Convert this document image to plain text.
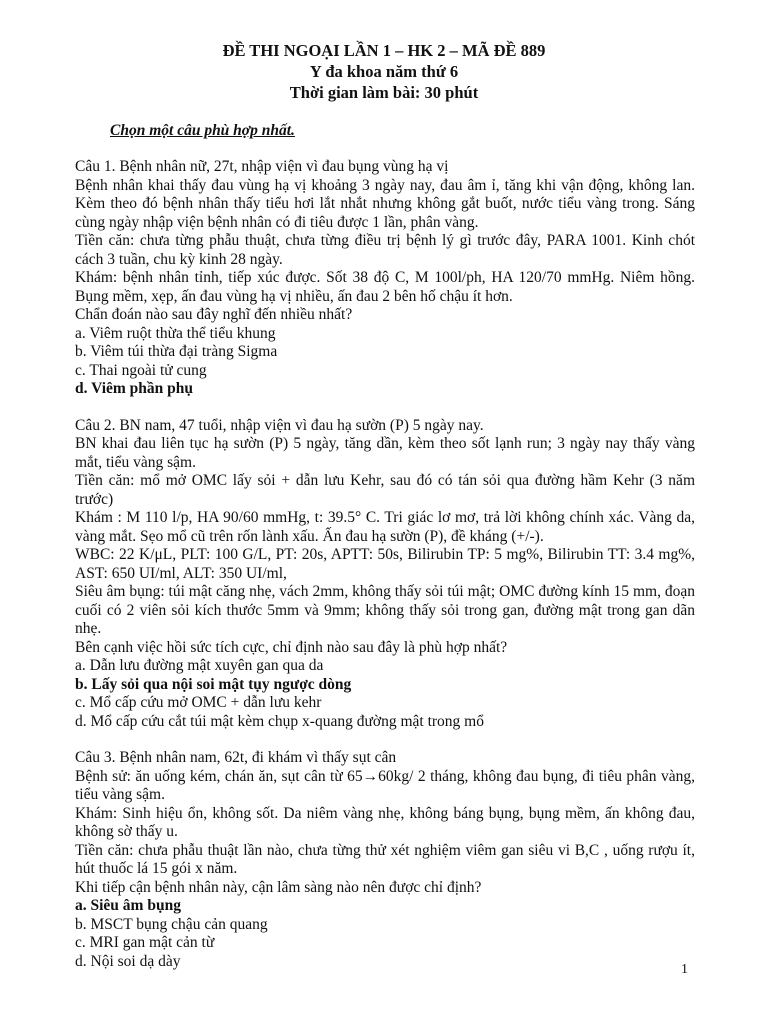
ĐỀ THI NGOẠI LẦN 1 – HK 2 – MÃ ĐỀ 889
Y đa khoa năm thứ 6
Thời gian làm bài: 30 phút
Chọn một câu phù hợp nhất.
Câu 1. Bệnh nhân nữ, 27t, nhập viện vì đau bụng vùng hạ vị
Bệnh nhân khai thấy đau vùng hạ vị khoảng 3 ngày nay, đau âm ỉ, tăng khi vận động, không lan. Kèm theo đó bệnh nhân thấy tiểu hơi lắt nhắt nhưng không gắt buốt, nước tiểu vàng trong. Sáng cùng ngày nhập viện bệnh nhân có đi tiêu được 1 lần, phân vàng.
Tiền căn: chưa từng phẫu thuật, chưa từng điều trị bệnh lý gì trước đây, PARA 1001. Kinh chót cách 3 tuần, chu kỳ kinh 28 ngày.
Khám: bệnh nhân tỉnh, tiếp xúc được. Sốt 38 độ C, M 100l/ph, HA 120/70 mmHg. Niêm hồng. Bụng mềm, xẹp, ấn đau vùng hạ vị nhiều, ấn đau 2 bên hố chậu ít hơn.
Chẩn đoán nào sau đây nghĩ đến nhiều nhất?
a. Viêm ruột thừa thể tiểu khung
b. Viêm túi thừa đại tràng Sigma
c. Thai ngoài tử cung
d. Viêm phần phụ
Câu 2. BN nam, 47 tuổi, nhập viện vì đau hạ sườn (P) 5 ngày nay.
BN khai đau liên tục hạ sườn (P) 5 ngày, tăng dần, kèm theo sốt lạnh run; 3 ngày nay thấy vàng mắt, tiểu vàng sậm.
Tiền căn: mổ mở OMC lấy sỏi + dẫn lưu Kehr, sau đó có tán sỏi qua đường hầm Kehr (3 năm trước)
Khám : M 110 l/p, HA 90/60 mmHg, t: 39.5° C. Tri giác lơ mơ, trả lời không chính xác. Vàng da, vàng mắt. Sẹo mổ cũ trên rốn lành xấu. Ấn đau hạ sườn (P), đề kháng (+/-).
WBC: 22 K/μL, PLT: 100 G/L, PT: 20s, APTT: 50s, Bilirubin TP: 5 mg%, Bilirubin TT: 3.4 mg%, AST: 650 UI/ml, ALT: 350 UI/ml,
Siêu âm bụng: túi mật căng nhẹ, vách 2mm, không thấy sỏi túi mật; OMC đường kính 15 mm, đoạn cuối có 2 viên sỏi kích thước 5mm và 9mm; không thấy sỏi trong gan, đường mật trong gan dãn nhẹ.
Bên cạnh việc hồi sức tích cực, chỉ định nào sau đây là phù hợp nhất?
a. Dẫn lưu đường mật xuyên gan qua da
b. Lấy sỏi qua nội soi mật tụy ngược dòng
c. Mổ cấp cứu mở OMC + dẫn lưu kehr
d. Mổ cấp cứu cắt túi mật kèm chụp x-quang đường mật trong mổ
Câu 3. Bệnh nhân nam, 62t, đi khám vì thấy sụt cân
Bệnh sử: ăn uống kém, chán ăn, sụt cân từ 65→60kg/ 2 tháng, không đau bụng, đi tiêu phân vàng, tiểu vàng sậm.
Khám: Sinh hiệu ổn, không sốt. Da niêm vàng nhẹ, không báng bụng, bụng mềm, ấn không đau, không sờ thấy u.
Tiền căn: chưa phẫu thuật lần nào, chưa từng thử xét nghiệm viêm gan siêu vi B,C , uống rượu ít, hút thuốc lá 15 gói x năm.
Khi tiếp cận bệnh nhân này, cận lâm sàng nào nên được chỉ định?
a. Siêu âm bụng
b. MSCT bụng chậu cản quang
c. MRI gan mật cản từ
d. Nội soi dạ dày	1
